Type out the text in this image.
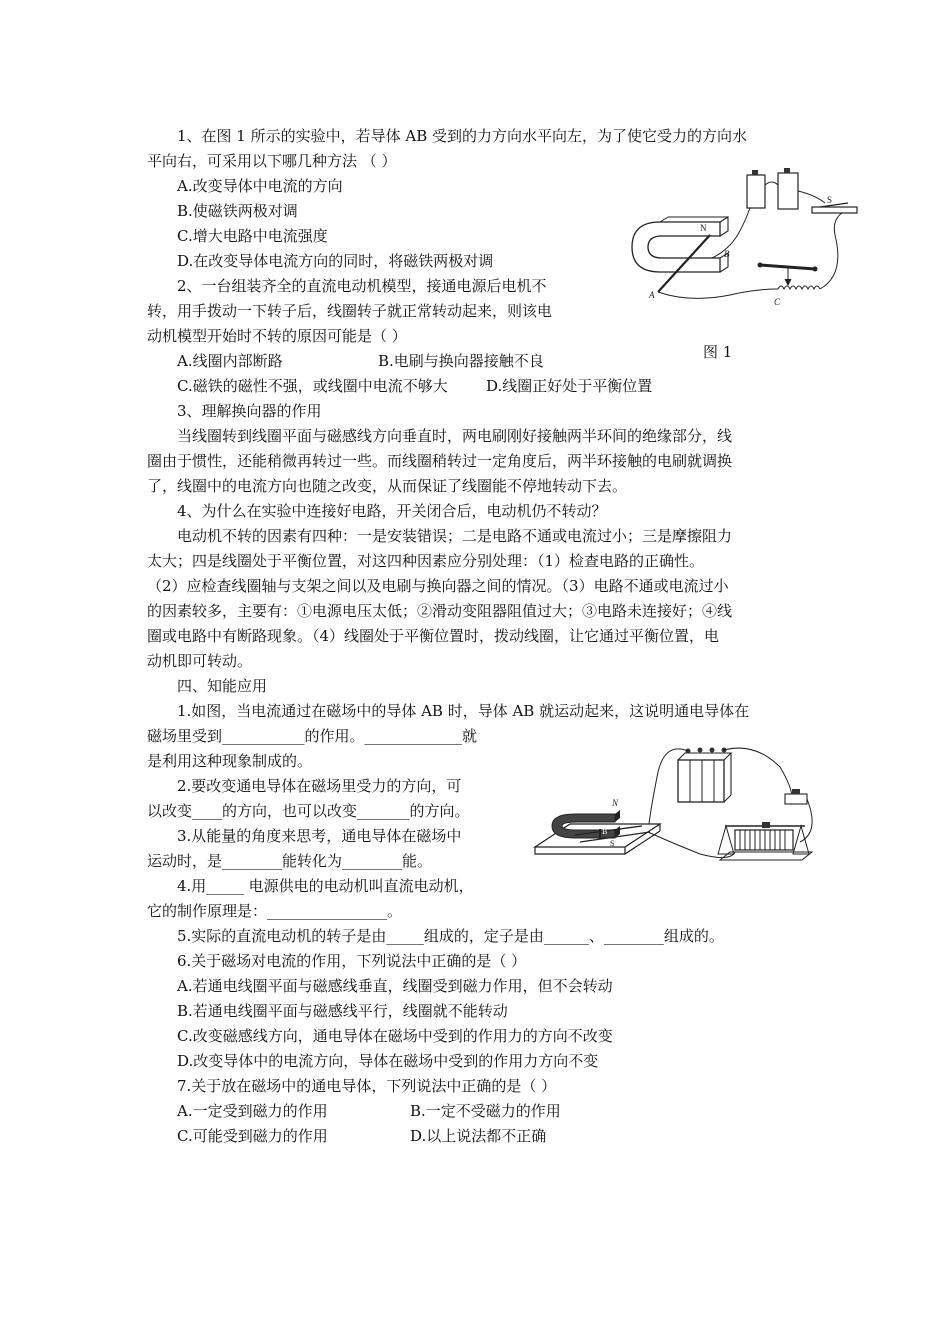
1、在图 1 所示的实验中，若导体 AB 受到的力方向水平向左，为了使它受力的方向水
平向右，可采用以下哪几种方法 （ ）
A.改变导体中电流的方向
B.使磁铁两极对调
C.增大电路中电流强度
D.在改变导体电流方向的同时，将磁铁两极对调
2、一台组装齐全的直流电动机模型，接通电源后电机不
转，用手拨动一下转子后，线圈转子就正常转动起来，则该电
动机模型开始时不转的原因可能是（ ）
A.线圈内部断路	B.电刷与换向器接触不良
C.磁铁的磁性不强，或线圈中电流不够大	D.线圈正好处于平衡位置
N
A
B
C
S
图 1
3、理解换向器的作用
当线圈转到线圈平面与磁感线方向垂直时，两电刷刚好接触两半环间的绝缘部分，线
圈由于惯性，还能稍微再转过一些。而线圈稍转过一定角度后，两半环接触的电刷就调换
了，线圈中的电流方向也随之改变，从而保证了线圈能不停地转动下去。
4、为什么在实验中连接好电路，开关闭合后，电动机仍不转动？
电动机不转的因素有四种：一是安装错误；二是电路不通或电流过小；三是摩擦阻力
太大；四是线圈处于平衡位置，对这四种因素应分别处理：（1）检查电路的正确性。
（2）应检查线圈轴与支架之间以及电刷与换向器之间的情况。（3）电路不通或电流过小
的因素较多，主要有：①电源电压太低；②滑动变阻器阻值过大；③电路未连接好；④线
圈或电路中有断路现象。（4）线圈处于平衡位置时，拨动线圈，让它通过平衡位置，电
动机即可转动。
四、知能应用
1.如图，当电流通过在磁场中的导体 AB 时，导体 AB 就运动起来，这说明通电导体在
磁场里受到___________的作用。_____________就
是利用这种现象制成的。
2.要改变通电导体在磁场里受力的方向，可
以改变____的方向，也可以改变_______的方向。
3.从能量的角度来思考，通电导体在磁场中
运动时，是________能转化为________能。
4.用_____ 电源供电的电动机叫直流电动机，
它的制作原理是：________________。
N
B
S
5.实际的直流电动机的转子是由_____组成的，定子是由______、________组成的。
6.关于磁场对电流的作用，下列说法中正确的是（ ）
A.若通电线圈平面与磁感线垂直，线圈受到磁力作用，但不会转动
B.若通电线圈平面与磁感线平行，线圈就不能转动
C.改变磁感线方向，通电导体在磁场中受到的作用力的方向不改变
D.改变导体中的电流方向，导体在磁场中受到的作用力方向不变
7.关于放在磁场中的通电导体，下列说法中正确的是（ ）
A.一定受到磁力的作用	B.一定不受磁力的作用
C.可能受到磁力的作用	D.以上说法都不正确
